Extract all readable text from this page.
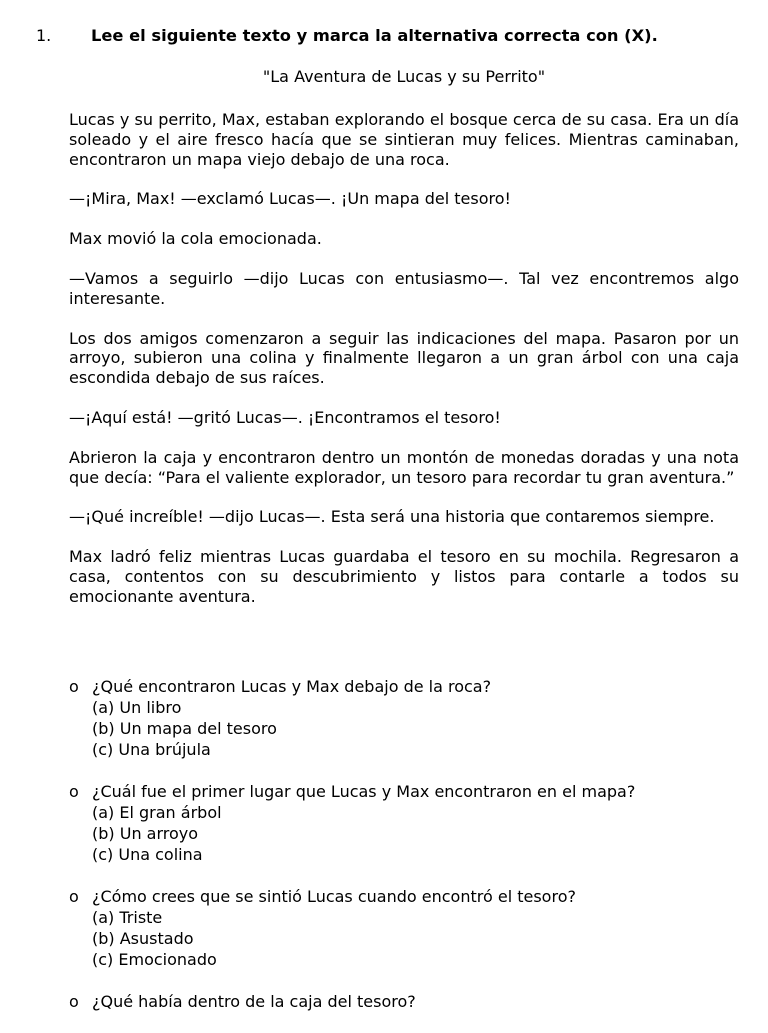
1. Lee el siguiente texto y marca la alternativa correcta con (X).
"La Aventura de Lucas y su Perrito"

Lucas y su perrito, Max, estaban explorando el bosque cerca de su casa. Era un día soleado y el aire fresco hacía que se sintieran muy felices. Mientras caminaban, encontraron un mapa viejo debajo de una roca.

—¡Mira, Max! —exclamó Lucas—. ¡Un mapa del tesoro!

Max movió la cola emocionada.

—Vamos a seguirlo —dijo Lucas con entusiasmo—. Tal vez encontremos algo interesante.

Los dos amigos comenzaron a seguir las indicaciones del mapa. Pasaron por un arroyo, subieron una colina y finalmente llegaron a un gran árbol con una caja escondida debajo de sus raíces.

—¡Aquí está! —gritó Lucas—. ¡Encontramos el tesoro!

Abrieron la caja y encontraron dentro un montón de monedas doradas y una nota que decía: “Para el valiente explorador, un tesoro para recordar tu gran aventura.”

—¡Qué increíble! —dijo Lucas—. Esta será una historia que contaremos siempre.

Max ladró feliz mientras Lucas guardaba el tesoro en su mochila. Regresaron a casa, contentos con su descubrimiento y listos para contarle a todos su emocionante aventura.

o ¿Qué encontraron Lucas y Max debajo de la roca?
(a) Un libro
(b) Un mapa del tesoro
(c) Una brújula
o ¿Cuál fue el primer lugar que Lucas y Max encontraron en el mapa?
(a) El gran árbol
(b) Un arroyo
(c) Una colina
o ¿Cómo crees que se sintió Lucas cuando encontró el tesoro?
(a) Triste
(b) Asustado
(c) Emocionado
o ¿Qué había dentro de la caja del tesoro?
